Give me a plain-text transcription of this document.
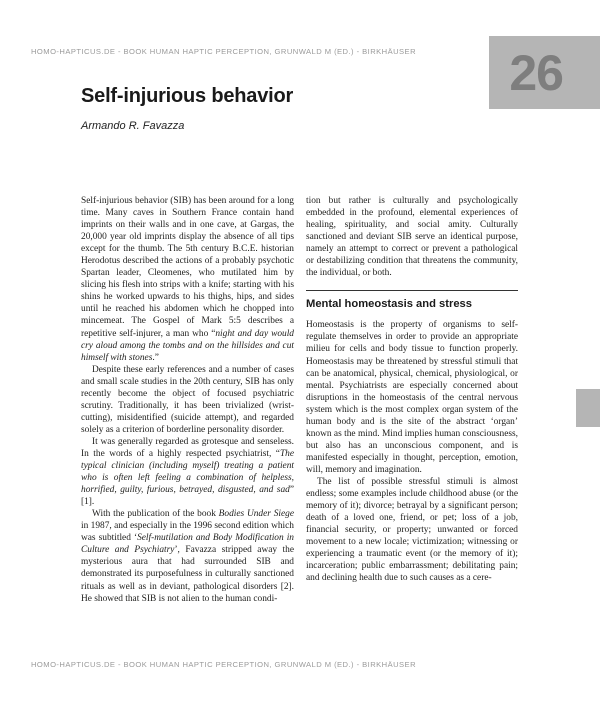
HOMO-HAPTICUS.DE - BOOK HUMAN HAPTIC PERCEPTION, GRUNWALD M (ED.) - BIRKHÄUSER	26
Self-injurious behavior
Armando R. Favazza

Self-injurious behavior (SIB) has been around for a long time. Many caves in Southern France contain hand imprints on their walls and in one cave, at Gargas, the 20,000 year old imprints display the absence of all tips except for the thumb. The 5th century B.C.E. historian Herodotus described the actions of a probably psychotic Spartan leader, Cleomenes, who mutilated him by slicing his flesh into strips with a knife; starting with his shins he worked upwards to his thighs, hips, and sides until he reached his abdomen which he chopped into mincemeat. The Gospel of Mark 5:5 describes a repetitive self-injurer, a man who “night and day would cry aloud among the tombs and on the hillsides and cut himself with stones.”

Despite these early references and a number of cases and small scale studies in the 20th century, SIB has only recently become the object of focused psychiatric scrutiny. Traditionally, it has been trivialized (wrist-cutting), misidentified (suicide attempt), and regarded solely as a criterion of borderline personality disorder.

It was generally regarded as grotesque and senseless. In the words of a highly respected psychiatrist, “The typical clinician (including myself) treating a patient who is often left feeling a combination of helpless, horrified, guilty, furious, betrayed, disgusted, and sad” [1].

With the publication of the book Bodies Under Siege in 1987, and especially in the 1996 second edition which was subtitled ‘Self-mutilation and Body Modification in Culture and Psychiatry’, Favazza stripped away the mysterious aura that had surrounded SIB and demonstrated its purposefulness in culturally sanctioned rituals as well as in deviant, pathological disorders [2]. He showed that SIB is not alien to the human condi-

tion but rather is culturally and psychologically embedded in the profound, elemental experiences of healing, spirituality, and social amity. Culturally sanctioned and deviant SIB serve an identical purpose, namely an attempt to correct or prevent a pathological or destabilizing condition that threatens the community, the individual, or both.

Mental homeostasis and stress

Homeostasis is the property of organisms to self-regulate themselves in order to provide an appropriate milieu for cells and body tissue to function properly. Homeostasis may be threatened by stressful stimuli that can be anatomical, physical, chemical, physiological, or mental. Psychiatrists are especially concerned about disruptions in the homeostasis of the central nervous system which is the most complex organ system of the human body and is the site of the abstract ‘organ’ known as the mind. Mind implies human consciousness, but also has an unconscious component, and is manifested especially in thought, perception, emotion, will, memory and imagination.

The list of possible stressful stimuli is almost endless; some examples include childhood abuse (or the memory of it); divorce; betrayal by a significant person; death of a loved one, friend, or pet; loss of a job, financial security, or property; unwanted or forced movement to a new locale; victimization; witnessing or experiencing a traumatic event (or the memory of it); incarceration; public embarrassment; debilitating pain; and declining health due to such causes as a cere-

HOMO-HAPTICUS.DE - BOOK HUMAN HAPTIC PERCEPTION, GRUNWALD M (ED.) - BIRKHÄUSER
